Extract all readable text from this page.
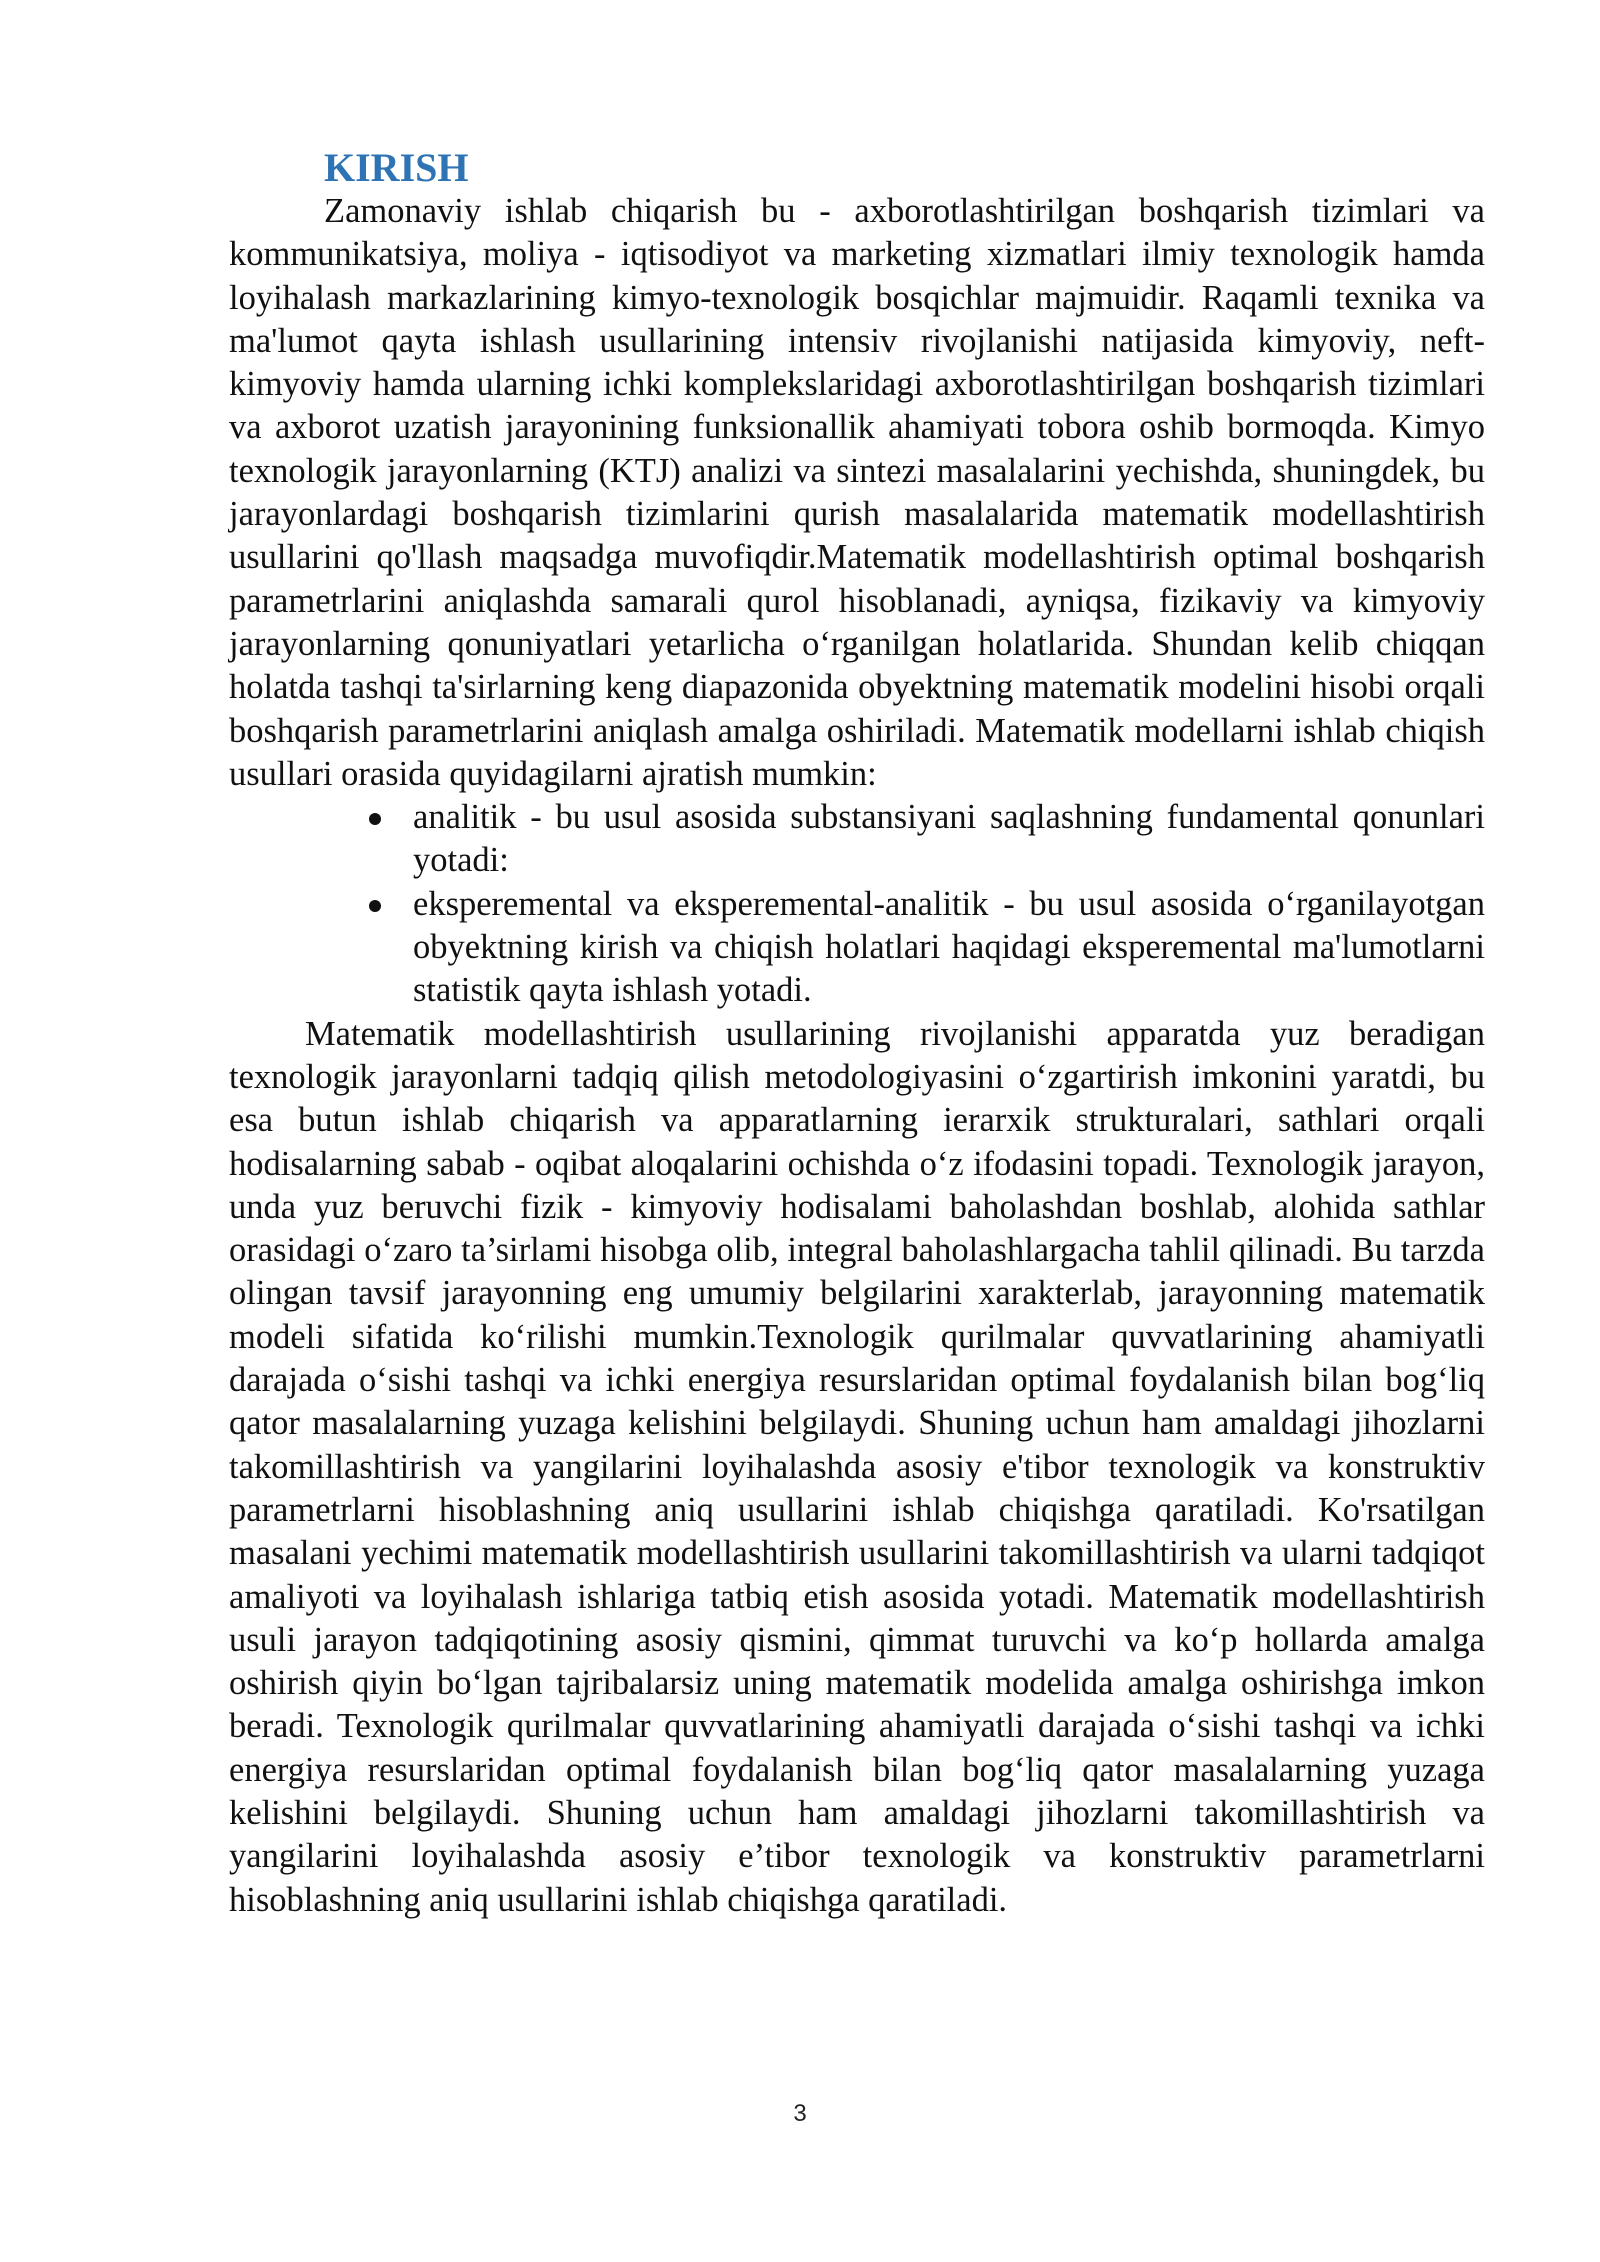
KIRISH

Zamonaviy ishlab chiqarish bu - axborotlashtirilgan boshqarish tizimlari va kommunikatsiya, moliya - iqtisodiyot va marketing xizmatlari ilmiy texnologik hamda loyihalash markazlarining kimyo-texnologik bosqichlar majmuidir. Raqamli texnika va ma'lumot qayta ishlash usullarining intensiv rivojlanishi natijasida kimyoviy, neft-kimyoviy hamda ularning ichki komplekslaridagi axborotlashtirilgan boshqarish tizimlari va axborot uzatish jarayonining funksionallik ahamiyati tobora oshib bormoqda. Kimyo texnologik jarayonlarning (KTJ) analizi va sintezi masalalarini yechishda, shuningdek, bu jarayonlardagi boshqarish tizimlarini qurish masalalarida matematik modellashtirish usullarini qo'llash maqsadga muvofiqdir.Matematik modellashtirish optimal boshqarish parametrlarini aniqlashda samarali qurol hisoblanadi, ayniqsa, fizikaviy va kimyoviy jarayonlarning qonuniyatlari yetarlicha o‘rganilgan holatlarida. Shundan kelib chiqqan holatda tashqi ta'sirlarning keng diapazonida obyektning matematik modelini hisobi orqali boshqarish parametrlarini aniqlash amalga oshiriladi. Matematik modellarni ishlab chiqish usullari orasida quyidagilarni ajratish mumkin:

analitik - bu usul asosida substansiyani saqlashning fundamental qonunlari yotadi:
eksperemental va eksperemental-analitik - bu usul asosida o‘rganilayotgan obyektning kirish va chiqish holatlari haqidagi eksperemental ma'lumotlarni statistik qayta ishlash yotadi.

Matematik modellashtirish usullarining rivojlanishi apparatda yuz beradigan texnologik jarayonlarni tadqiq qilish metodologiyasini o‘zgartirish imkonini yaratdi, bu esa butun ishlab chiqarish va apparatlarning ierarxik strukturalari, sathlari orqali hodisalarning sabab - oqibat aloqalarini ochishda o‘z ifodasini topadi. Texnologik jarayon, unda yuz beruvchi fizik - kimyoviy hodisalami baholashdan boshlab, alohida sathlar orasidagi o‘zaro ta’sirlami hisobga olib, integral baholashlargacha tahlil qilinadi. Bu tarzda olingan tavsif jarayonning eng umumiy belgilarini xarakterlab, jarayonning matematik modeli sifatida ko‘rilishi mumkin.Texnologik qurilmalar quvvatlarining ahamiyatli darajada o‘sishi tashqi va ichki energiya resurslaridan optimal foydalanish bilan bog‘liq qator masalalarning yuzaga kelishini belgilaydi. Shuning uchun ham amaldagi jihozlarni takomillashtirish va yangilarini loyihalashda asosiy e'tibor texnologik va konstruktiv parametrlarni hisoblashning aniq usullarini ishlab chiqishga qaratiladi. Ko'rsatilgan masalani yechimi matematik modellashtirish usullarini takomillashtirish va ularni tadqiqot amaliyoti va loyihalash ishlariga tatbiq etish asosida yotadi. Matematik modellashtirish usuli jarayon tadqiqotining asosiy qismini, qimmat turuvchi va ko‘p hollarda amalga oshirish qiyin bo‘lgan tajribalarsiz uning matematik modelida amalga oshirishga imkon beradi. Texnologik qurilmalar quvvatlarining ahamiyatli darajada o‘sishi tashqi va ichki energiya resurslaridan optimal foydalanish bilan bog‘liq qator masalalarning yuzaga kelishini belgilaydi. Shuning uchun ham amaldagi jihozlarni takomillashtirish va yangilarini loyihalashda asosiy e’tibor texnologik va konstruktiv parametrlarni hisoblashning aniq usullarini ishlab chiqishga qaratiladi.

3
